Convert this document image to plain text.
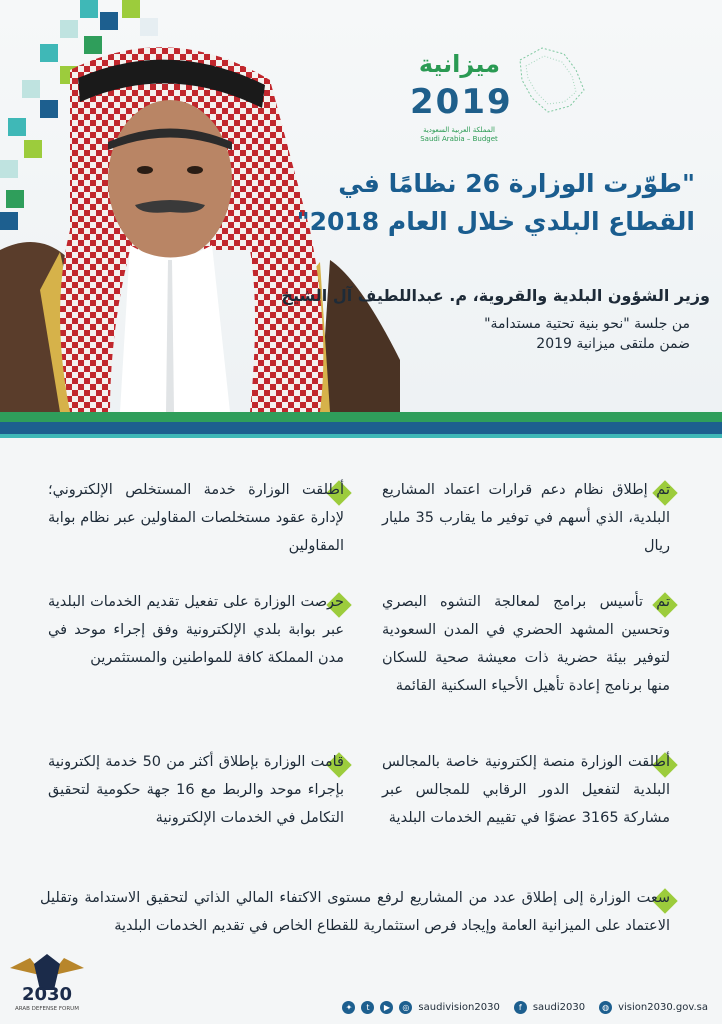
ميزانية
2019
المملكة العربية السعودية
Saudi Arabia – Budget
"طوّرت الوزارة 26 نظامًا في القطاع البلدي خلال العام 2018"
وزير الشؤون البلدية والقروية، م. عبداللطيف آل الشيخ
من جلسة "نحو بنية تحتية مستدامة"
ضمن ملتقى ميزانية 2019
تم إطلاق نظام دعم قرارات اعتماد المشاريع البلدية، الذي أسهم في توفير ما يقارب 35 مليار ريال
تم تأسيس برامج لمعالجة التشوه البصري وتحسين المشهد الحضري في المدن السعودية لتوفير بيئة حضرية ذات معيشة صحية للسكان منها برنامج إعادة تأهيل الأحياء السكنية القائمة
أطلقت الوزارة منصة إلكترونية خاصة بالمجالس البلدية لتفعيل الدور الرقابي للمجالس عبر مشاركة 3165 عضوًا في تقييم الخدمات البلدية
أطلقت الوزارة خدمة المستخلص الإلكتروني؛ لإدارة عقود مستخلصات المقاولين عبر نظام بوابة المقاولين
حرصت الوزارة على تفعيل تقديم الخدمات البلدية عبر بوابة بلدي الإلكترونية وفق إجراء موحد في مدن المملكة كافة للمواطنين والمستثمرين
قامت الوزارة بإطلاق أكثر من 50 خدمة إلكترونية بإجراء موحد والربط مع 16 جهة حكومية لتحقيق التكامل في الخدمات الإلكترونية
سعت الوزارة إلى إطلاق عدد من المشاريع لرفع مستوى الاكتفاء المالي الذاتي لتحقيق الاستدامة وتقليل الاعتماد على الميزانية العامة وإيجاد فرص استثمارية للقطاع الخاص في تقديم الخدمات البلدية
✦	t	▶	◎ saudivision2030	f	saudi2030	◍ vision2030.gov.sa
2030
ARAB DEFENSE FORUM
